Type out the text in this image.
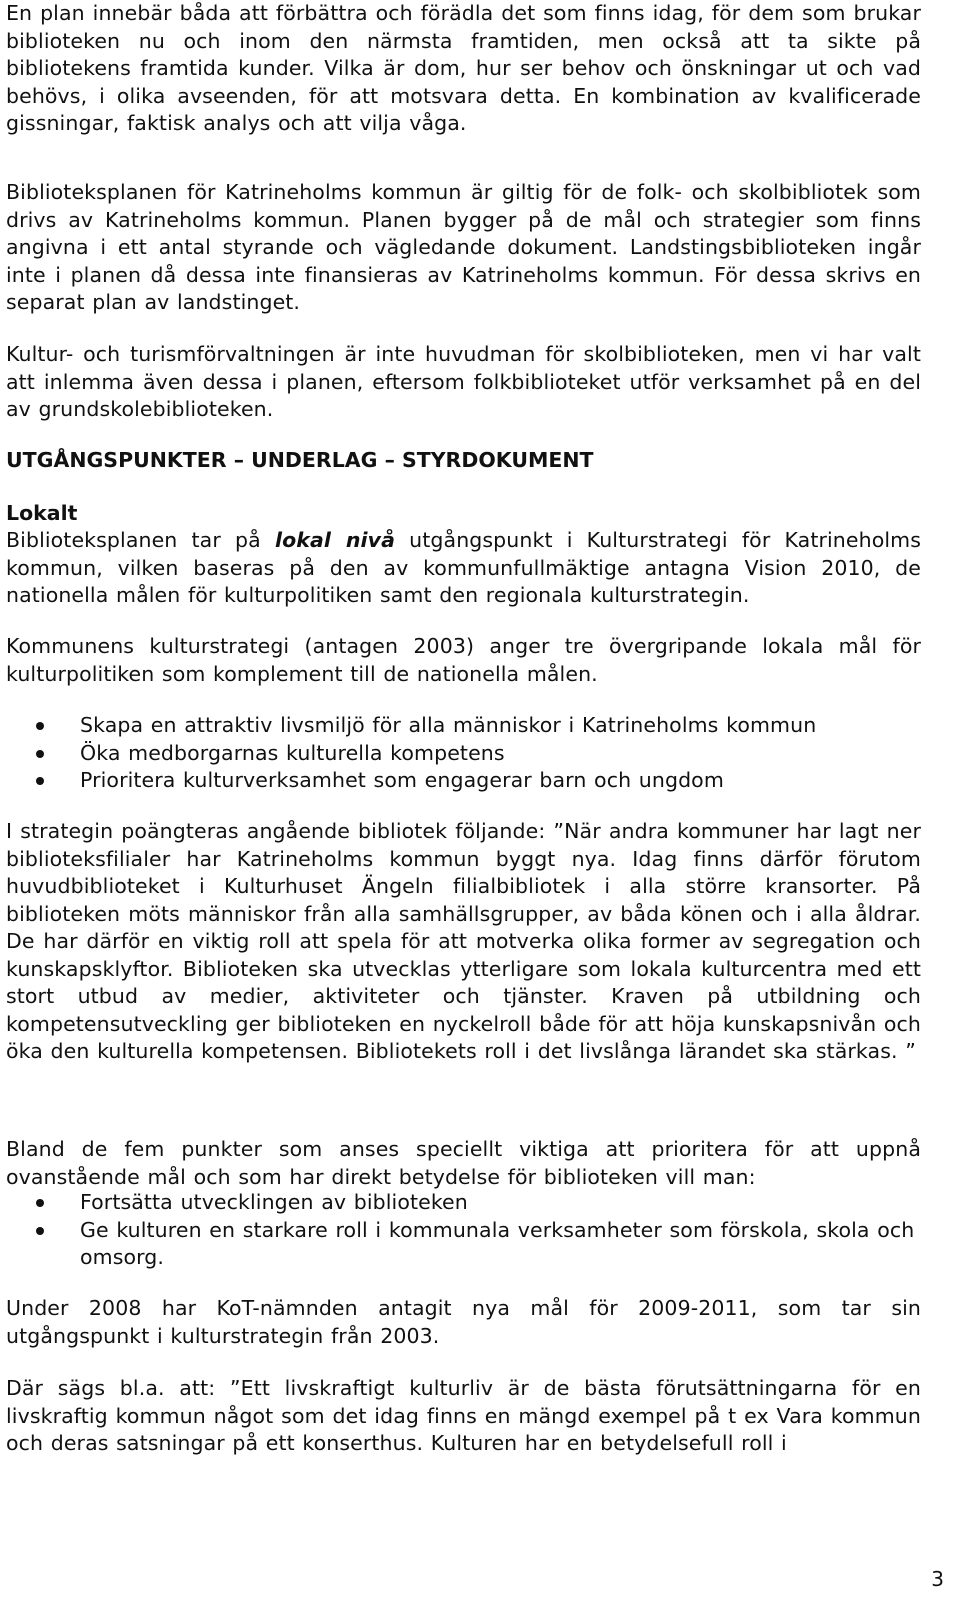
En plan innebär båda att förbättra och förädla det som finns idag, för dem som brukar biblioteken nu och inom den närmsta framtiden, men också att ta sikte på bibliotekens framtida kunder. Vilka är dom, hur ser behov och önskningar ut och vad behövs, i olika avseenden, för att motsvara detta. En kombination av kvalificerade gissningar, faktisk analys och att vilja våga.

Biblioteksplanen för Katrineholms kommun är giltig för de folk- och skolbibliotek som drivs av Katrineholms kommun. Planen bygger på de mål och strategier som finns angivna i ett antal styrande och vägledande dokument. Landstingsbiblioteken ingår inte i planen då dessa inte finansieras av Katrineholms kommun. För dessa skrivs en separat plan av landstinget.

Kultur- och turismförvaltningen är inte huvudman för skolbiblioteken, men vi har valt att inlemma även dessa i planen, eftersom folkbiblioteket utför verksamhet på en del av grundskolebiblioteken.

UTGÅNGSPUNKTER – UNDERLAG – STYRDOKUMENT
Lokalt

Biblioteksplanen tar på lokal nivå utgångspunkt i Kulturstrategi för Katrineholms kommun, vilken baseras på den av kommunfullmäktige antagna Vision 2010, de nationella målen för kulturpolitiken samt den regionala kulturstrategin.

Kommunens kulturstrategi (antagen 2003) anger tre övergripande lokala mål för kulturpolitiken som komplement till de nationella målen.

Skapa en attraktiv livsmiljö för alla människor i Katrineholms kommun
Öka medborgarnas kulturella kompetens
Prioritera kulturverksamhet som engagerar barn och ungdom

I strategin poängteras angående bibliotek följande: ”När andra kommuner har lagt ner biblioteksfilialer har Katrineholms kommun byggt nya. Idag finns därför förutom huvudbiblioteket i Kulturhuset Ängeln filialbibliotek i alla större kransorter. På biblioteken möts människor från alla samhällsgrupper, av båda könen och i alla åldrar. De har därför en viktig roll att spela för att motverka olika former av segregation och kunskapsklyftor. Biblioteken ska utvecklas ytterligare som lokala kulturcentra med ett stort utbud av medier, aktiviteter och tjänster. Kraven på utbildning och kompetensutveckling ger biblioteken en nyckelroll både för att höja kunskapsnivån och öka den kulturella kompetensen. Bibliotekets roll i det livslånga lärandet ska stärkas. ”

Bland de fem punkter som anses speciellt viktiga att prioritera för att uppnå ovanstående mål och som har direkt betydelse för biblioteken vill man:

Fortsätta utvecklingen av biblioteken
Ge kulturen en starkare roll i kommunala verksamheter som förskola, skola och omsorg.

Under 2008 har KoT-nämnden antagit nya mål för 2009-2011, som tar sin utgångspunkt i kulturstrategin från 2003.

Där sägs bl.a. att: ”Ett livskraftigt kulturliv är de bästa förutsättningarna för en livskraftig kommun något som det idag finns en mängd exempel på t ex Vara kommun och deras satsningar på ett konserthus. Kulturen har en betydelsefull roll i

3
